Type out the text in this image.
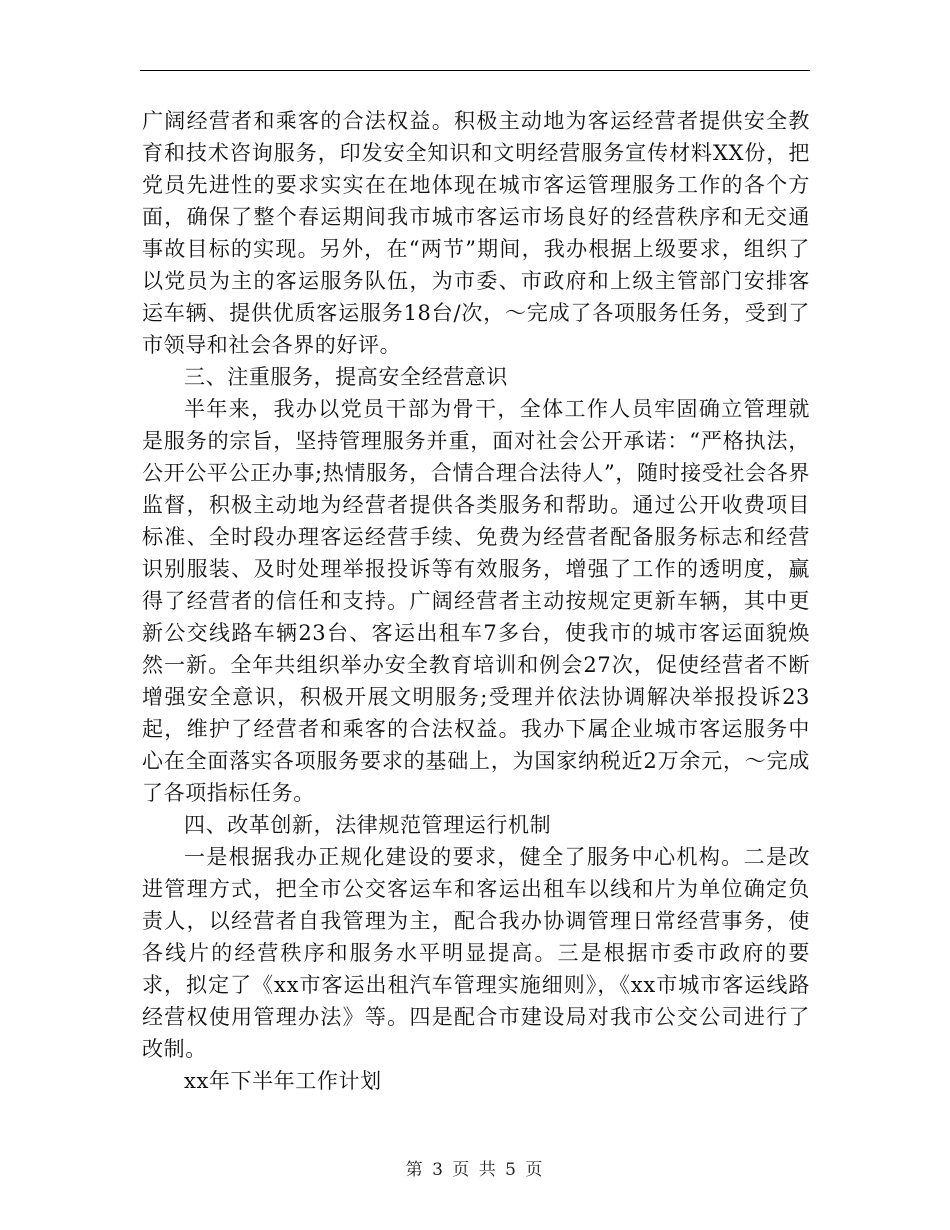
广阔经营者和乘客的合法权益。积极主动地为客运经营者提供安全教育和技术咨询服务，印发安全知识和文明经营服务宣传材料XX份，把党员先进性的要求实实在在地体现在城市客运管理服务工作的各个方面，确保了整个春运期间我市城市客运市场良好的经营秩序和无交通事故目标的实现。另外，在“两节”期间，我办根据上级要求，组织了以党员为主的客运服务队伍，为市委、市政府和上级主管部门安排客运车辆、提供优质客运服务18台/次，～完成了各项服务任务，受到了市领导和社会各界的好评。

三、注重服务，提高安全经营意识

半年来，我办以党员干部为骨干，全体工作人员牢固确立管理就是服务的宗旨，坚持管理服务并重，面对社会公开承诺：“严格执法，公开公平公正办事;热情服务，合情合理合法待人”，随时接受社会各界监督，积极主动地为经营者提供各类服务和帮助。通过公开收费项目标准、全时段办理客运经营手续、免费为经营者配备服务标志和经营识别服装、及时处理举报投诉等有效服务，增强了工作的透明度，赢得了经营者的信任和支持。广阔经营者主动按规定更新车辆，其中更新公交线路车辆23台、客运出租车7多台，使我市的城市客运面貌焕然一新。全年共组织举办安全教育培训和例会27次，促使经营者不断增强安全意识，积极开展文明服务;受理并依法协调解决举报投诉23起，维护了经营者和乘客的合法权益。我办下属企业城市客运服务中心在全面落实各项服务要求的基础上，为国家纳税近2万余元，～完成了各项指标任务。

四、改革创新，法律规范管理运行机制

一是根据我办正规化建设的要求，健全了服务中心机构。二是改进管理方式，把全市公交客运车和客运出租车以线和片为单位确定负责人，以经营者自我管理为主，配合我办协调管理日常经营事务，使各线片的经营秩序和服务水平明显提高。三是根据市委市政府的要求，拟定了《xx市客运出租汽车管理实施细则》，《xx市城市客运线路经营权使用管理办法》等。四是配合市建设局对我市公交公司进行了改制。

xx年下半年工作计划

第 3 页 共 5 页
